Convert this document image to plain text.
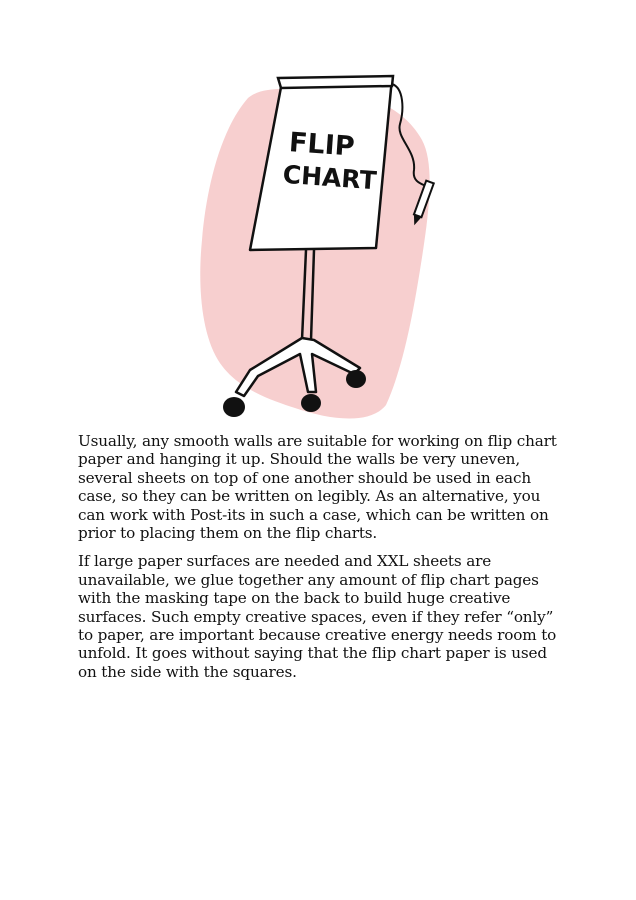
FLIP
CHART

Usually, any smooth walls are suitable for working on flip chart paper and hanging it up. Should the walls be very uneven, several sheets on top of one another should be used in each case, so they can be written on legibly. As an alternative, you can work with Post-its in such a case, which can be written on prior to placing them on the flip charts.

If large paper surfaces are needed and XXL sheets are unavailable, we glue together any amount of flip chart pages with the masking tape on the back to build huge creative surfaces. Such empty creative spaces, even if they refer “only” to paper, are important because creative energy needs room to unfold. It goes without saying that the flip chart paper is used on the side with the squares.
